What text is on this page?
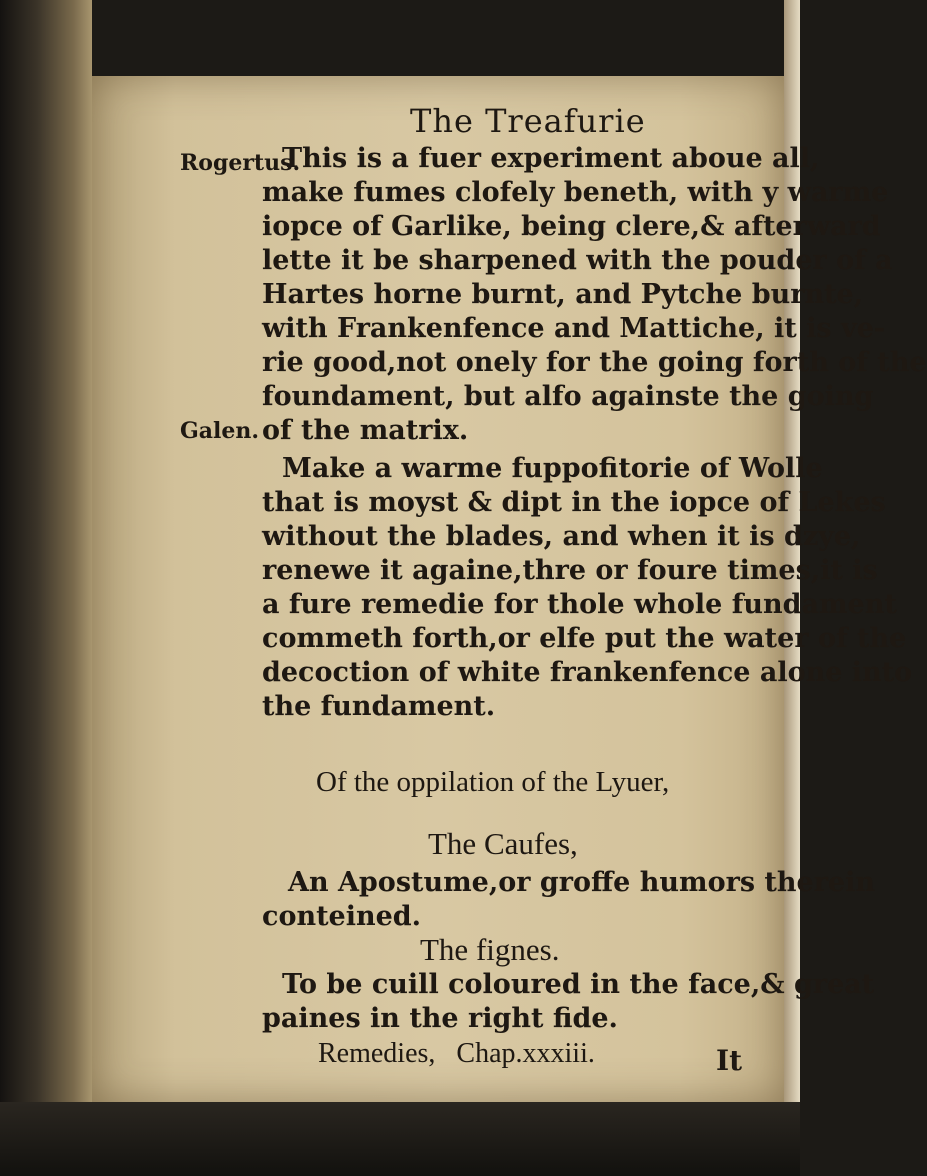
The Treafurie
Rogertus.
Galen.
This is a fuer experiment aboue all,
make fumes clofely beneth, with y warme
iopce of Garlike, being clere,& afterward
lette it be sharpened with the pouder of a
Hartes horne burnt, and Pytche burnte,
with Frankenfence and Mattiche, it is ve-
rie good,not onely for the going forth of the
foundament, but alfo againste the going
of the matrix.
Make a warme fuppofitorie of Wolle
that is moyst & dipt in the iopce of Lekes
without the blades, and when it is dzye,
renewe it againe,thre or foure times,it is
a fure remedie for thole whole fundament
commeth forth,or elfe put the water of the
decoction of white frankenfence alone into
the fundament.
Of the oppilation of the Lyuer,
The Caufes,
An Apostume,or groffe humors therein
conteined.
The fignes.
To be cuill coloured in the face,& great
paines in the right fide.
Remedies,   Chap.xxxiii.	It
